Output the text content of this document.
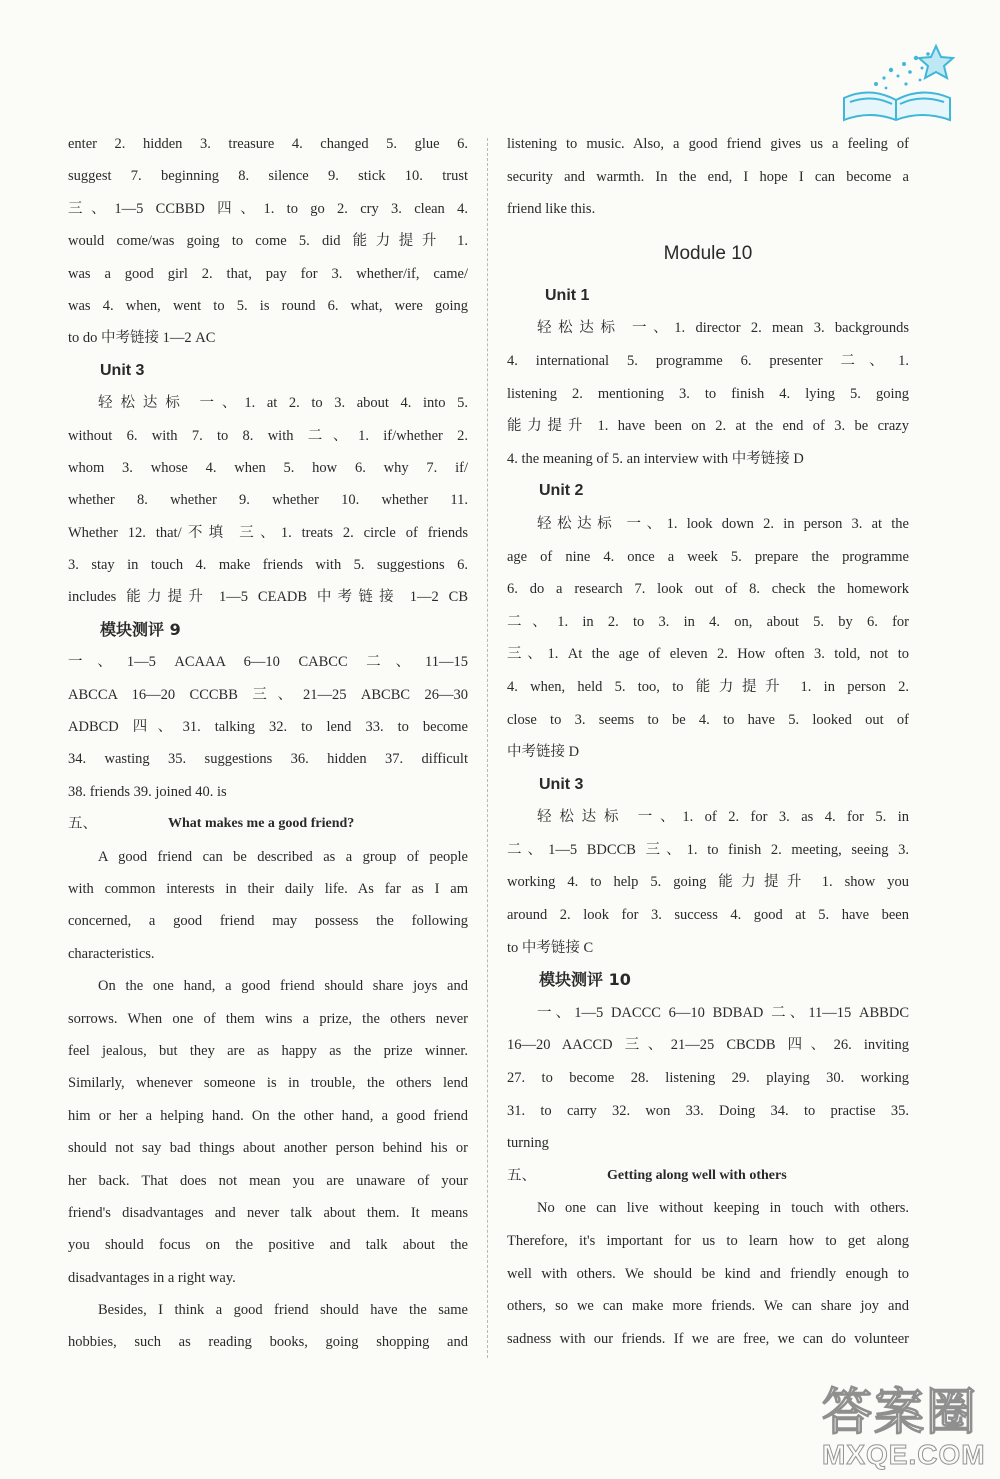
enter 2. hidden 3. treasure 4. changed 5. glue 6.
suggest 7. beginning 8. silence 9. stick 10. trust
三、1—5 CCBBD 四、1. to go 2. cry 3. clean 4.
would come/was going to come 5. did 能力提升 1.
was a good girl 2. that, pay for 3. whether/if, came/
was 4. when, went to 5. is round 6. what, were going
to do 中考链接 1—2 AC
Unit 3
轻松达标 一、1. at 2. to 3. about 4. into 5.
without 6. with 7. to 8. with 二、1. if/whether 2.
whom 3. whose 4. when 5. how 6. why 7. if/
whether 8. whether 9. whether 10. whether 11.
Whether 12. that/不填 三、1. treats 2. circle of friends
3. stay in touch 4. make friends with 5. suggestions 6.
includes 能力提升 1—5 CEADB 中考链接 1—2 CB
模块测评 9
一、1—5 ACAAA 6—10 CABCC 二、11—15
ABCCA 16—20 CCCBB 三、21—25 ABCBC 26—30
ADBCD 四、31. talking 32. to lend 33. to become
34. wasting 35. suggestions 36. hidden 37. difficult
38. friends 39. joined 40. is
五、	What makes me a good friend?
A good friend can be described as a group of people
with common interests in their daily life. As far as I am
concerned, a good friend may possess the following
characteristics.
On the one hand, a good friend should share joys and
sorrows. When one of them wins a prize, the others never
feel jealous, but they are as happy as the prize winner.
Similarly, whenever someone is in trouble, the others lend
him or her a helping hand. On the other hand, a good friend
should not say bad things about another person behind his or
her back. That does not mean you are unaware of your
friend's disadvantages and never talk about them. It means
you should focus on the positive and talk about the
disadvantages in a right way.
Besides, I think a good friend should have the same
hobbies, such as reading books, going shopping and
listening to music. Also, a good friend gives us a feeling of
security and warmth. In the end, I hope I can become a
friend like this.
Module 10
Unit 1
轻松达标 一、1. director 2. mean 3. backgrounds
4. international 5. programme 6. presenter 二、1.
listening 2. mentioning 3. to finish 4. lying 5. going
能力提升 1. have been on 2. at the end of 3. be crazy
4. the meaning of 5. an interview with 中考链接 D
Unit 2
轻松达标 一、1. look down 2. in person 3. at the
age of nine 4. once a week 5. prepare the programme
6. do a research 7. look out of 8. check the homework
二、1. in 2. to 3. in 4. on, about 5. by 6. for
三、1. At the age of eleven 2. How often 3. told, not to
4. when, held 5. too, to 能力提升 1. in person 2.
close to 3. seems to be 4. to have 5. looked out of
中考链接 D
Unit 3
轻松达标 一、1. of 2. for 3. as 4. for 5. in
二、1—5 BDCCB 三、1. to finish 2. meeting, seeing 3.
working 4. to help 5. going 能力提升 1. show you
around 2. look for 3. success 4. good at 5. have been
to 中考链接 C
模块测评 10
一、1—5 DACCC 6—10 BDBAD 二、11—15 ABBDC
16—20 AACCD 三、21—25 CBCDB 四、26. inviting
27. to become 28. listening 29. playing 30. working
31. to carry 32. won 33. Doing 34. to practise 35.
turning
五、	Getting along well with others
No one can live without keeping in touch with others.
Therefore, it's important for us to learn how to get along
well with others. We should be kind and friendly enough to
others, so we can make more friends. We can share joy and
sadness with our friends. If we are free, we can do volunteer
答案圈
MXQE.COM
